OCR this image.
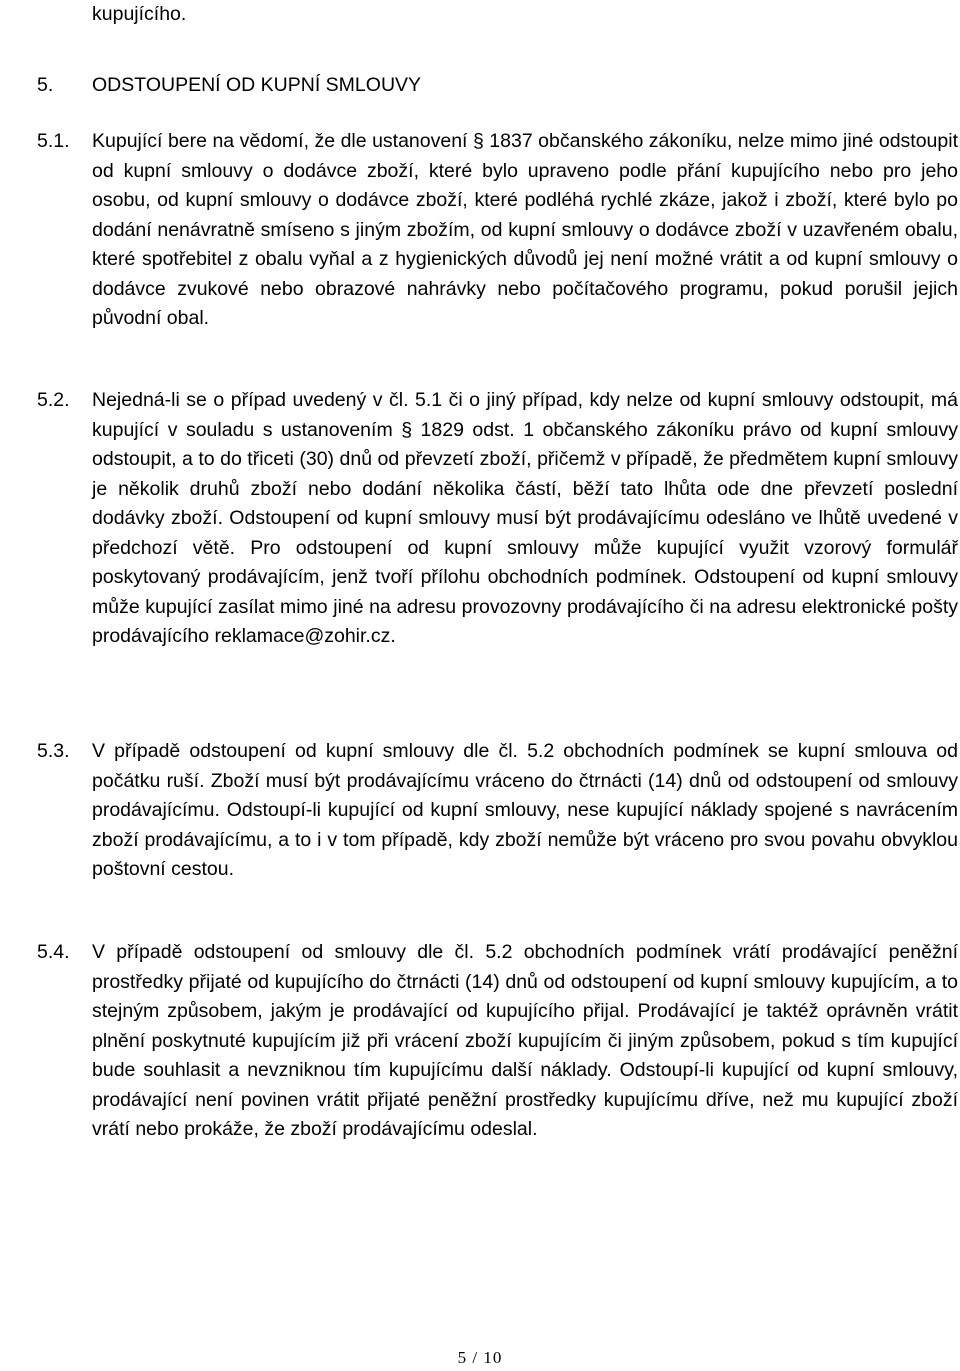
kupujícího.

5. ODSTOUPENÍ OD KUPNÍ SMLOUVY
5.1. Kupující bere na vědomí, že dle ustanovení § 1837 občanského zákoníku, nelze mimo jiné odstoupit od kupní smlouvy o dodávce zboží, které bylo upraveno podle přání kupujícího nebo pro jeho osobu, od kupní smlouvy o dodávce zboží, které podléhá rychlé zkáze, jakož i zboží, které bylo po dodání nenávratně smíseno s jiným zbožím, od kupní smlouvy o dodávce zboží v uzavřeném obalu, které spotřebitel z obalu vyňal a z hygienických důvodů jej není možné vrátit a od kupní smlouvy o dodávce zvukové nebo obrazové nahrávky nebo počítačového programu, pokud porušil jejich původní obal.

5.2. Nejedná-li se o případ uvedený v čl. 5.1 či o jiný případ, kdy nelze od kupní smlouvy odstoupit, má kupující v souladu s ustanovením § 1829 odst. 1 občanského zákoníku právo od kupní smlouvy odstoupit, a to do třiceti (30) dnů od převzetí zboží, přičemž v případě, že předmětem kupní smlouvy je několik druhů zboží nebo dodání několika částí, běží tato lhůta ode dne převzetí poslední dodávky zboží. Odstoupení od kupní smlouvy musí být prodávajícímu odesláno ve lhůtě uvedené v předchozí větě. Pro odstoupení od kupní smlouvy může kupující využit vzorový formulář poskytovaný prodávajícím, jenž tvoří přílohu obchodních podmínek. Odstoupení od kupní smlouvy může kupující zasílat mimo jiné na adresu provozovny prodávajícího či na adresu elektronické pošty prodávajícího reklamace@zohir.cz.

5.3. V případě odstoupení od kupní smlouvy dle čl. 5.2 obchodních podmínek se kupní smlouva od počátku ruší. Zboží musí být prodávajícímu vráceno do čtrnácti (14) dnů od odstoupení od smlouvy prodávajícímu. Odstoupí-li kupující od kupní smlouvy, nese kupující náklady spojené s navrácením zboží prodávajícímu, a to i v tom případě, kdy zboží nemůže být vráceno pro svou povahu obvyklou poštovní cestou.

5.4. V případě odstoupení od smlouvy dle čl. 5.2 obchodních podmínek vrátí prodávající peněžní prostředky přijaté od kupujícího do čtrnácti (14) dnů od odstoupení od kupní smlouvy kupujícím, a to stejným způsobem, jakým je prodávající od kupujícího přijal. Prodávající je taktéž oprávněn vrátit plnění poskytnuté kupujícím již při vrácení zboží kupujícím či jiným způsobem, pokud s tím kupující bude souhlasit a nevzniknou tím kupujícímu další náklady. Odstoupí-li kupující od kupní smlouvy, prodávající není povinen vrátit přijaté peněžní prostředky kupujícímu dříve, než mu kupující zboží vrátí nebo prokáže, že zboží prodávajícímu odeslal.

5 / 10
